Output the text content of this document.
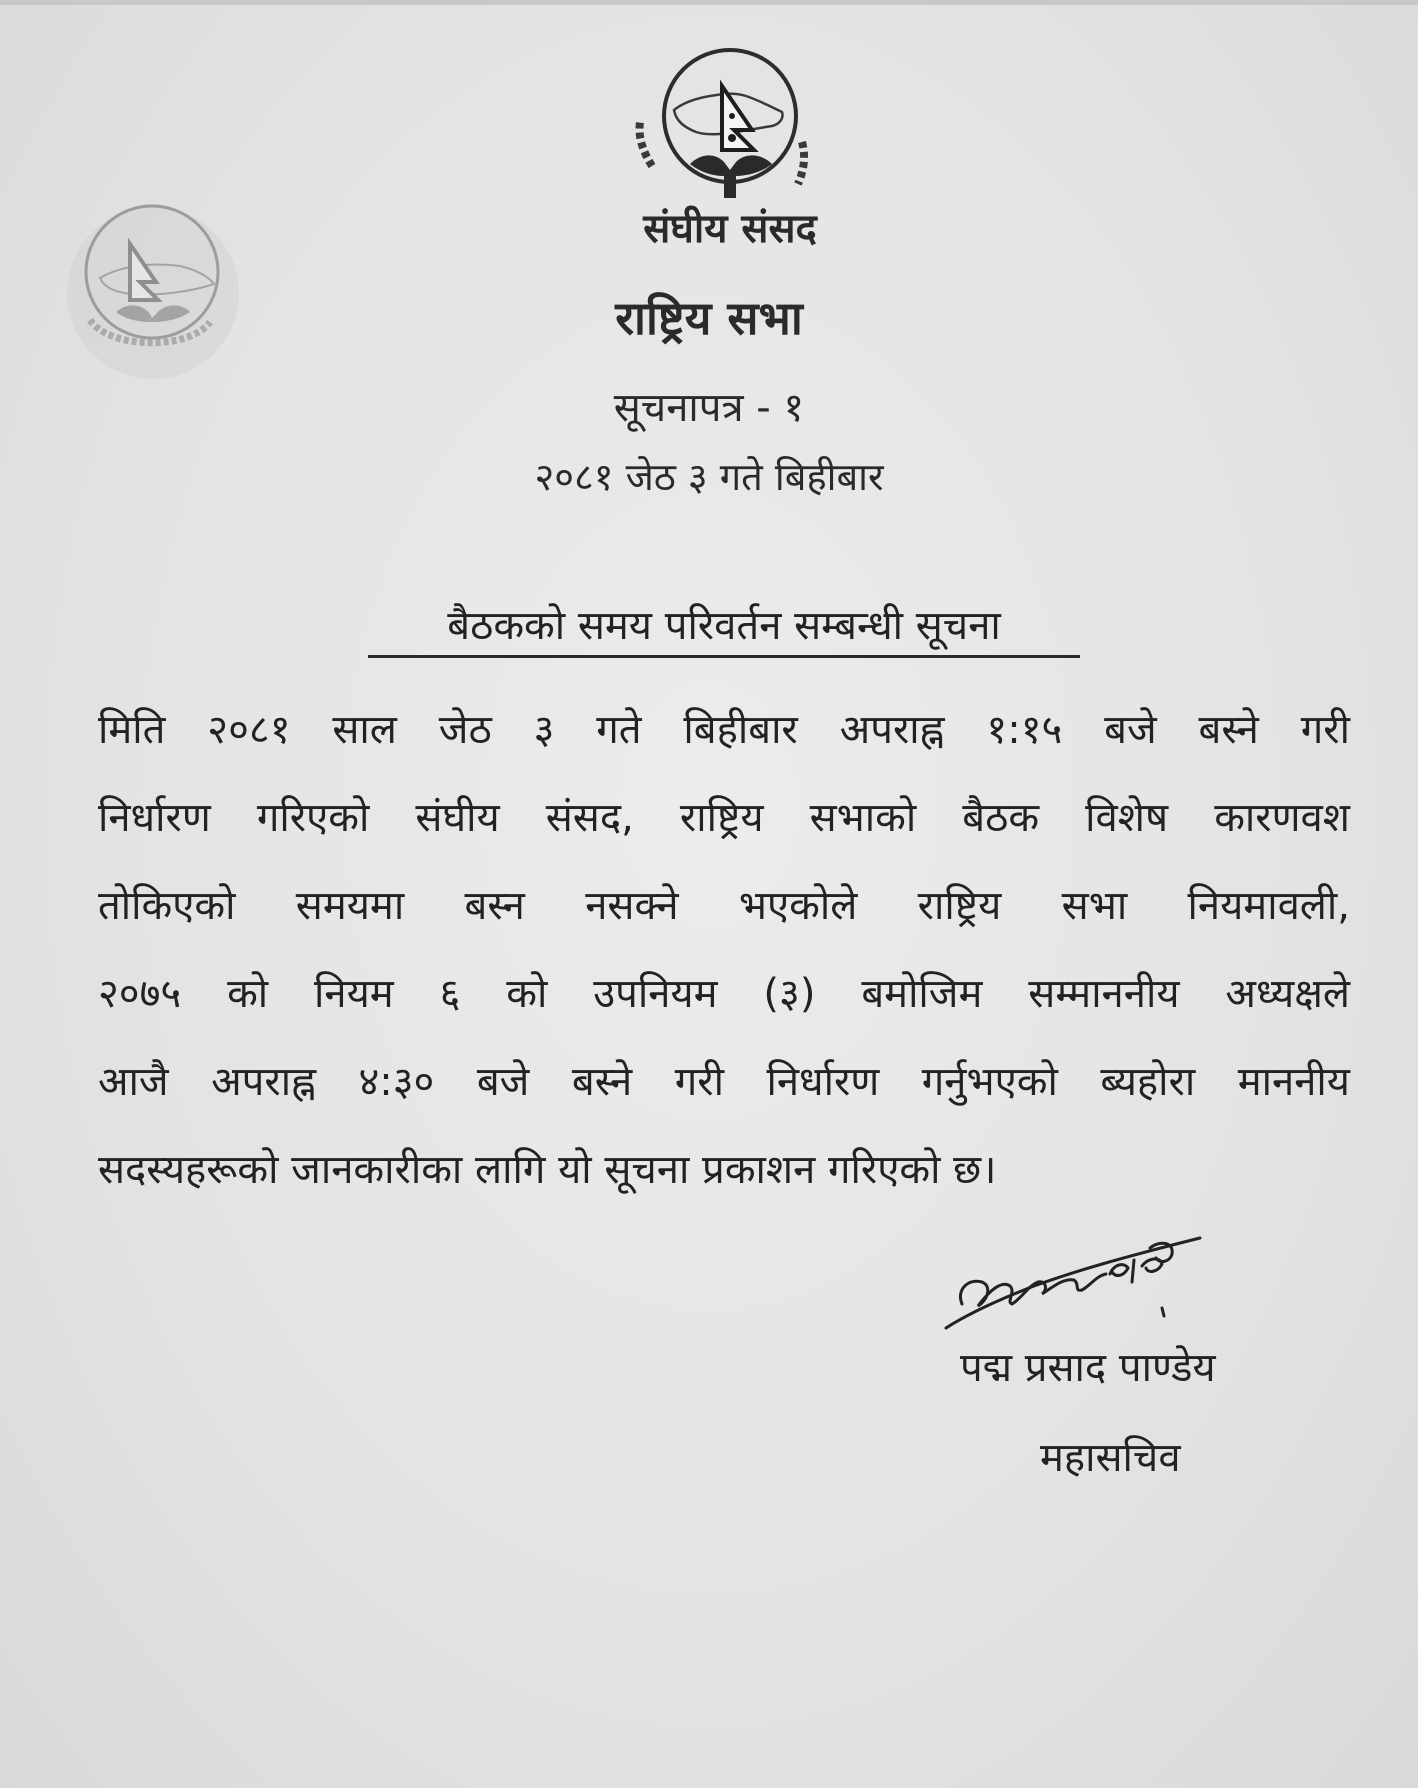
संघीय संसद
राष्ट्रिय सभा
सूचनापत्र - १
२०८१ जेठ ३ गते बिहीबार
बैठकको समय परिवर्तन सम्बन्धी सूचना
मिति २०८१ साल जेठ ३ गते बिहीबार अपराह्न १:१५ बजे बस्ने गरी
निर्धारण गरिएको संघीय संसद, राष्ट्रिय सभाको बैठक विशेष कारणवश
तोकिएको समयमा बस्न नसक्ने भएकोले राष्ट्रिय सभा नियमावली,
२०७५ को नियम ६ को उपनियम (३) बमोजिम सम्माननीय अध्यक्षले
आजै अपराह्न ४:३० बजे बस्ने गरी निर्धारण गर्नुभएको ब्यहोरा माननीय
सदस्यहरूको जानकारीका लागि यो सूचना प्रकाशन गरिएको छ।
पद्म प्रसाद पाण्डेय
महासचिव
